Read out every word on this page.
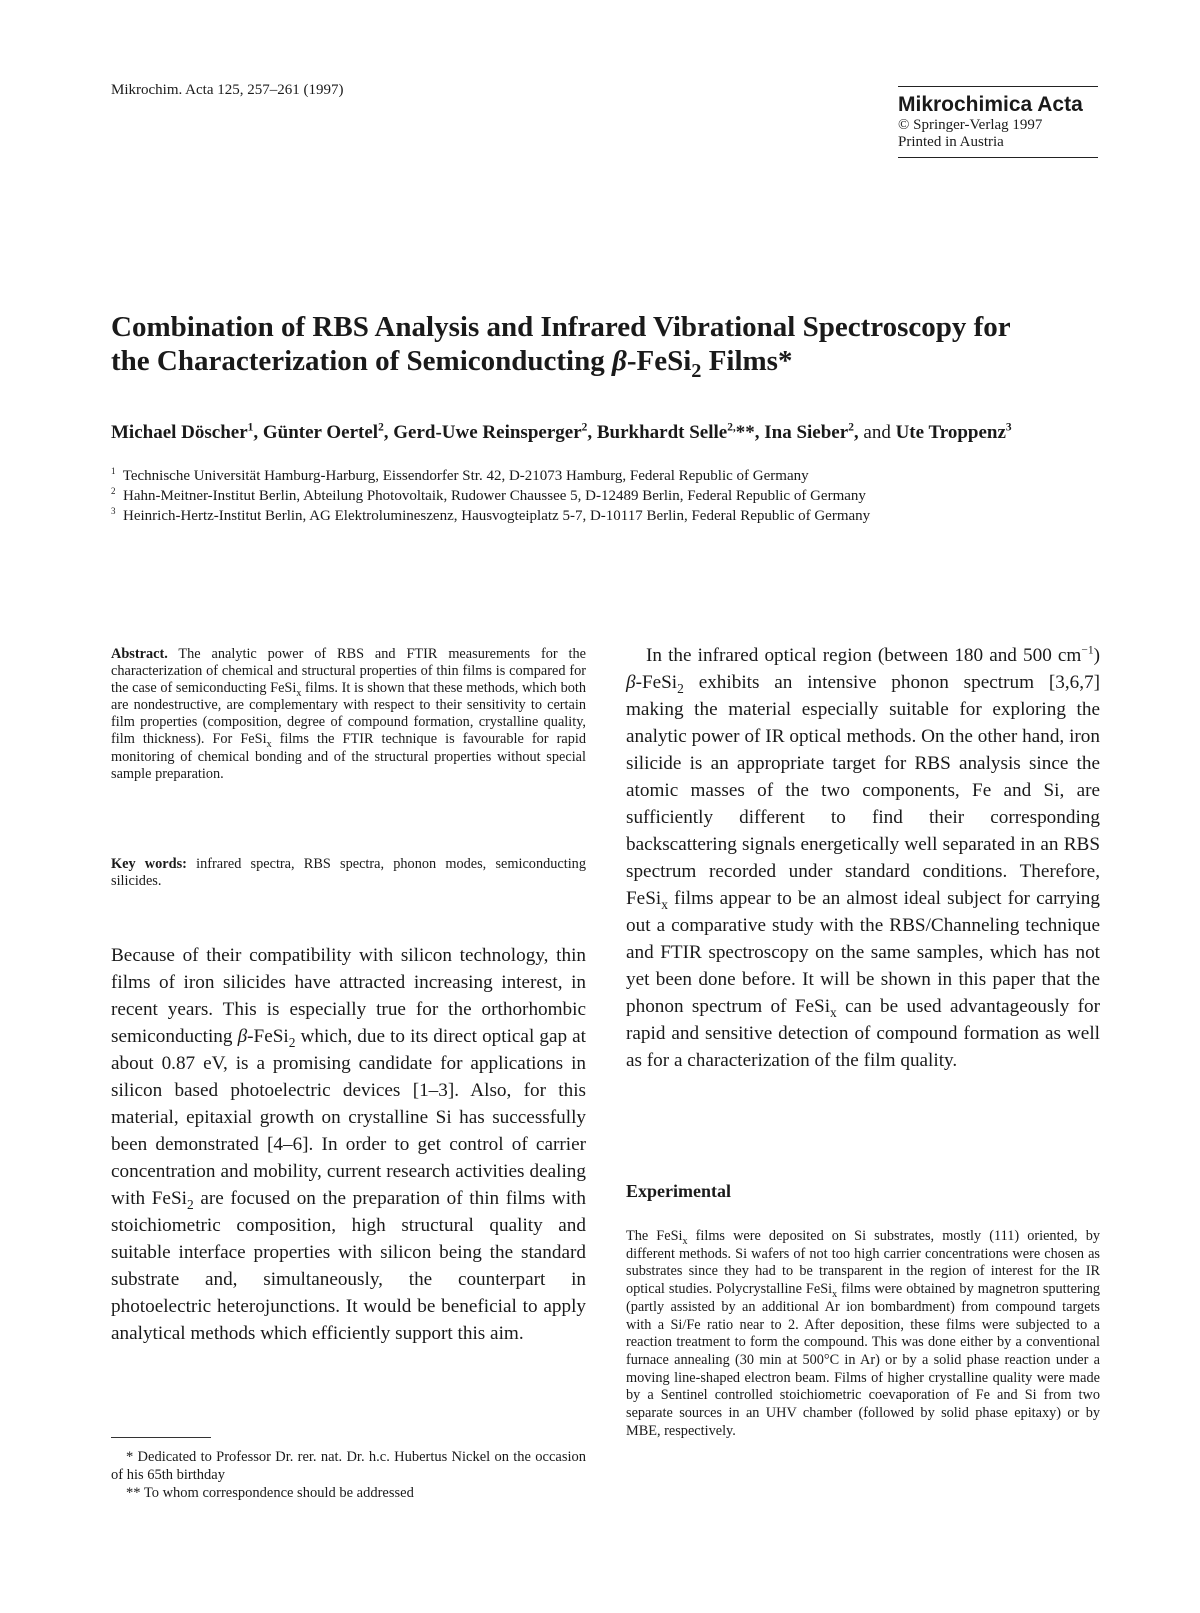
Mikrochim. Acta 125, 257–261 (1997)
Mikrochimica Acta
© Springer-Verlag 1997
Printed in Austria
Combination of RBS Analysis and Infrared Vibrational Spectroscopy for
the Characterization of Semiconducting β-FeSi$_2$ Films*
Michael Döscher$^1$, Günter Oertel$^2$, Gerd-Uwe Reinsperger$^2$, Burkhardt Selle$^{2,}$**, Ina Sieber$^2$, and Ute Troppenz$^3$
$^1$ Technische Universität Hamburg-Harburg, Eissendorfer Str. 42, D-21073 Hamburg, Federal Republic of Germany
$^2$ Hahn-Meitner-Institut Berlin, Abteilung Photovoltaik, Rudower Chaussee 5, D-12489 Berlin, Federal Republic of Germany
$^3$ Heinrich-Hertz-Institut Berlin, AG Elektrolumineszenz, Hausvogteiplatz 5-7, D-10117 Berlin, Federal Republic of Germany
Abstract. The analytic power of RBS and FTIR measurements for the characterization of chemical and structural properties of thin films is compared for the case of semiconducting FeSi$_x$ films. It is shown that these methods, which both are nondestructive, are complementary with respect to their sensitivity to certain film properties (composition, degree of compound formation, crystalline quality, film thickness). For FeSi$_x$ films the FTIR technique is favourable for rapid monitoring of chemical bonding and of the structural properties without special sample preparation.
Key words: infrared spectra, RBS spectra, phonon modes, semiconducting silicides.
Because of their compatibility with silicon technology, thin films of iron silicides have attracted increasing interest, in recent years. This is especially true for the orthorhombic semiconducting β-FeSi$_2$ which, due to its direct optical gap at about 0.87 eV, is a promising candidate for applications in silicon based photoelectric devices [1–3]. Also, for this material, epitaxial growth on crystalline Si has successfully been demonstrated [4–6]. In order to get control of carrier concentration and mobility, current research activities dealing with FeSi$_2$ are focused on the preparation of thin films with stoichiometric composition, high structural quality and suitable interface properties with silicon being the standard substrate and, simultaneously, the counterpart in photoelectric heterojunctions. It would be beneficial to apply analytical methods which efficiently support this aim.
* Dedicated to Professor Dr. rer. nat. Dr. h.c. Hubertus Nickel on the occasion of his 65th birthday
** To whom correspondence should be addressed
In the infrared optical region (between 180 and 500 $cm^{-1}$) β-FeSi$_2$ exhibits an intensive phonon spectrum [3,6,7] making the material especially suitable for exploring the analytic power of IR optical methods. On the other hand, iron silicide is an appropriate target for RBS analysis since the atomic masses of the two components, Fe and Si, are sufficiently different to find their corresponding backscattering signals energetically well separated in an RBS spectrum recorded under standard conditions. Therefore, FeSi$_x$ films appear to be an almost ideal subject for carrying out a comparative study with the RBS/Channeling technique and FTIR spectroscopy on the same samples, which has not yet been done before. It will be shown in this paper that the phonon spectrum of FeSi$_x$ can be used advantageously for rapid and sensitive detection of compound formation as well as for a characterization of the film quality.
Experimental
The FeSi$_x$ films were deposited on Si substrates, mostly (111) oriented, by different methods. Si wafers of not too high carrier concentrations were chosen as substrates since they had to be transparent in the region of interest for the IR optical studies. Polycrystalline FeSi$_x$ films were obtained by magnetron sputtering (partly assisted by an additional Ar ion bombardment) from compound targets with a Si/Fe ratio near to 2. After deposition, these films were subjected to a reaction treatment to form the compound. This was done either by a conventional furnace annealing (30 min at 500°C in Ar) or by a solid phase reaction under a moving line-shaped electron beam. Films of higher crystalline quality were made by a Sentinel controlled stoichiometric coevaporation of Fe and Si from two separate sources in an UHV chamber (followed by solid phase epitaxy) or by MBE, respectively.
